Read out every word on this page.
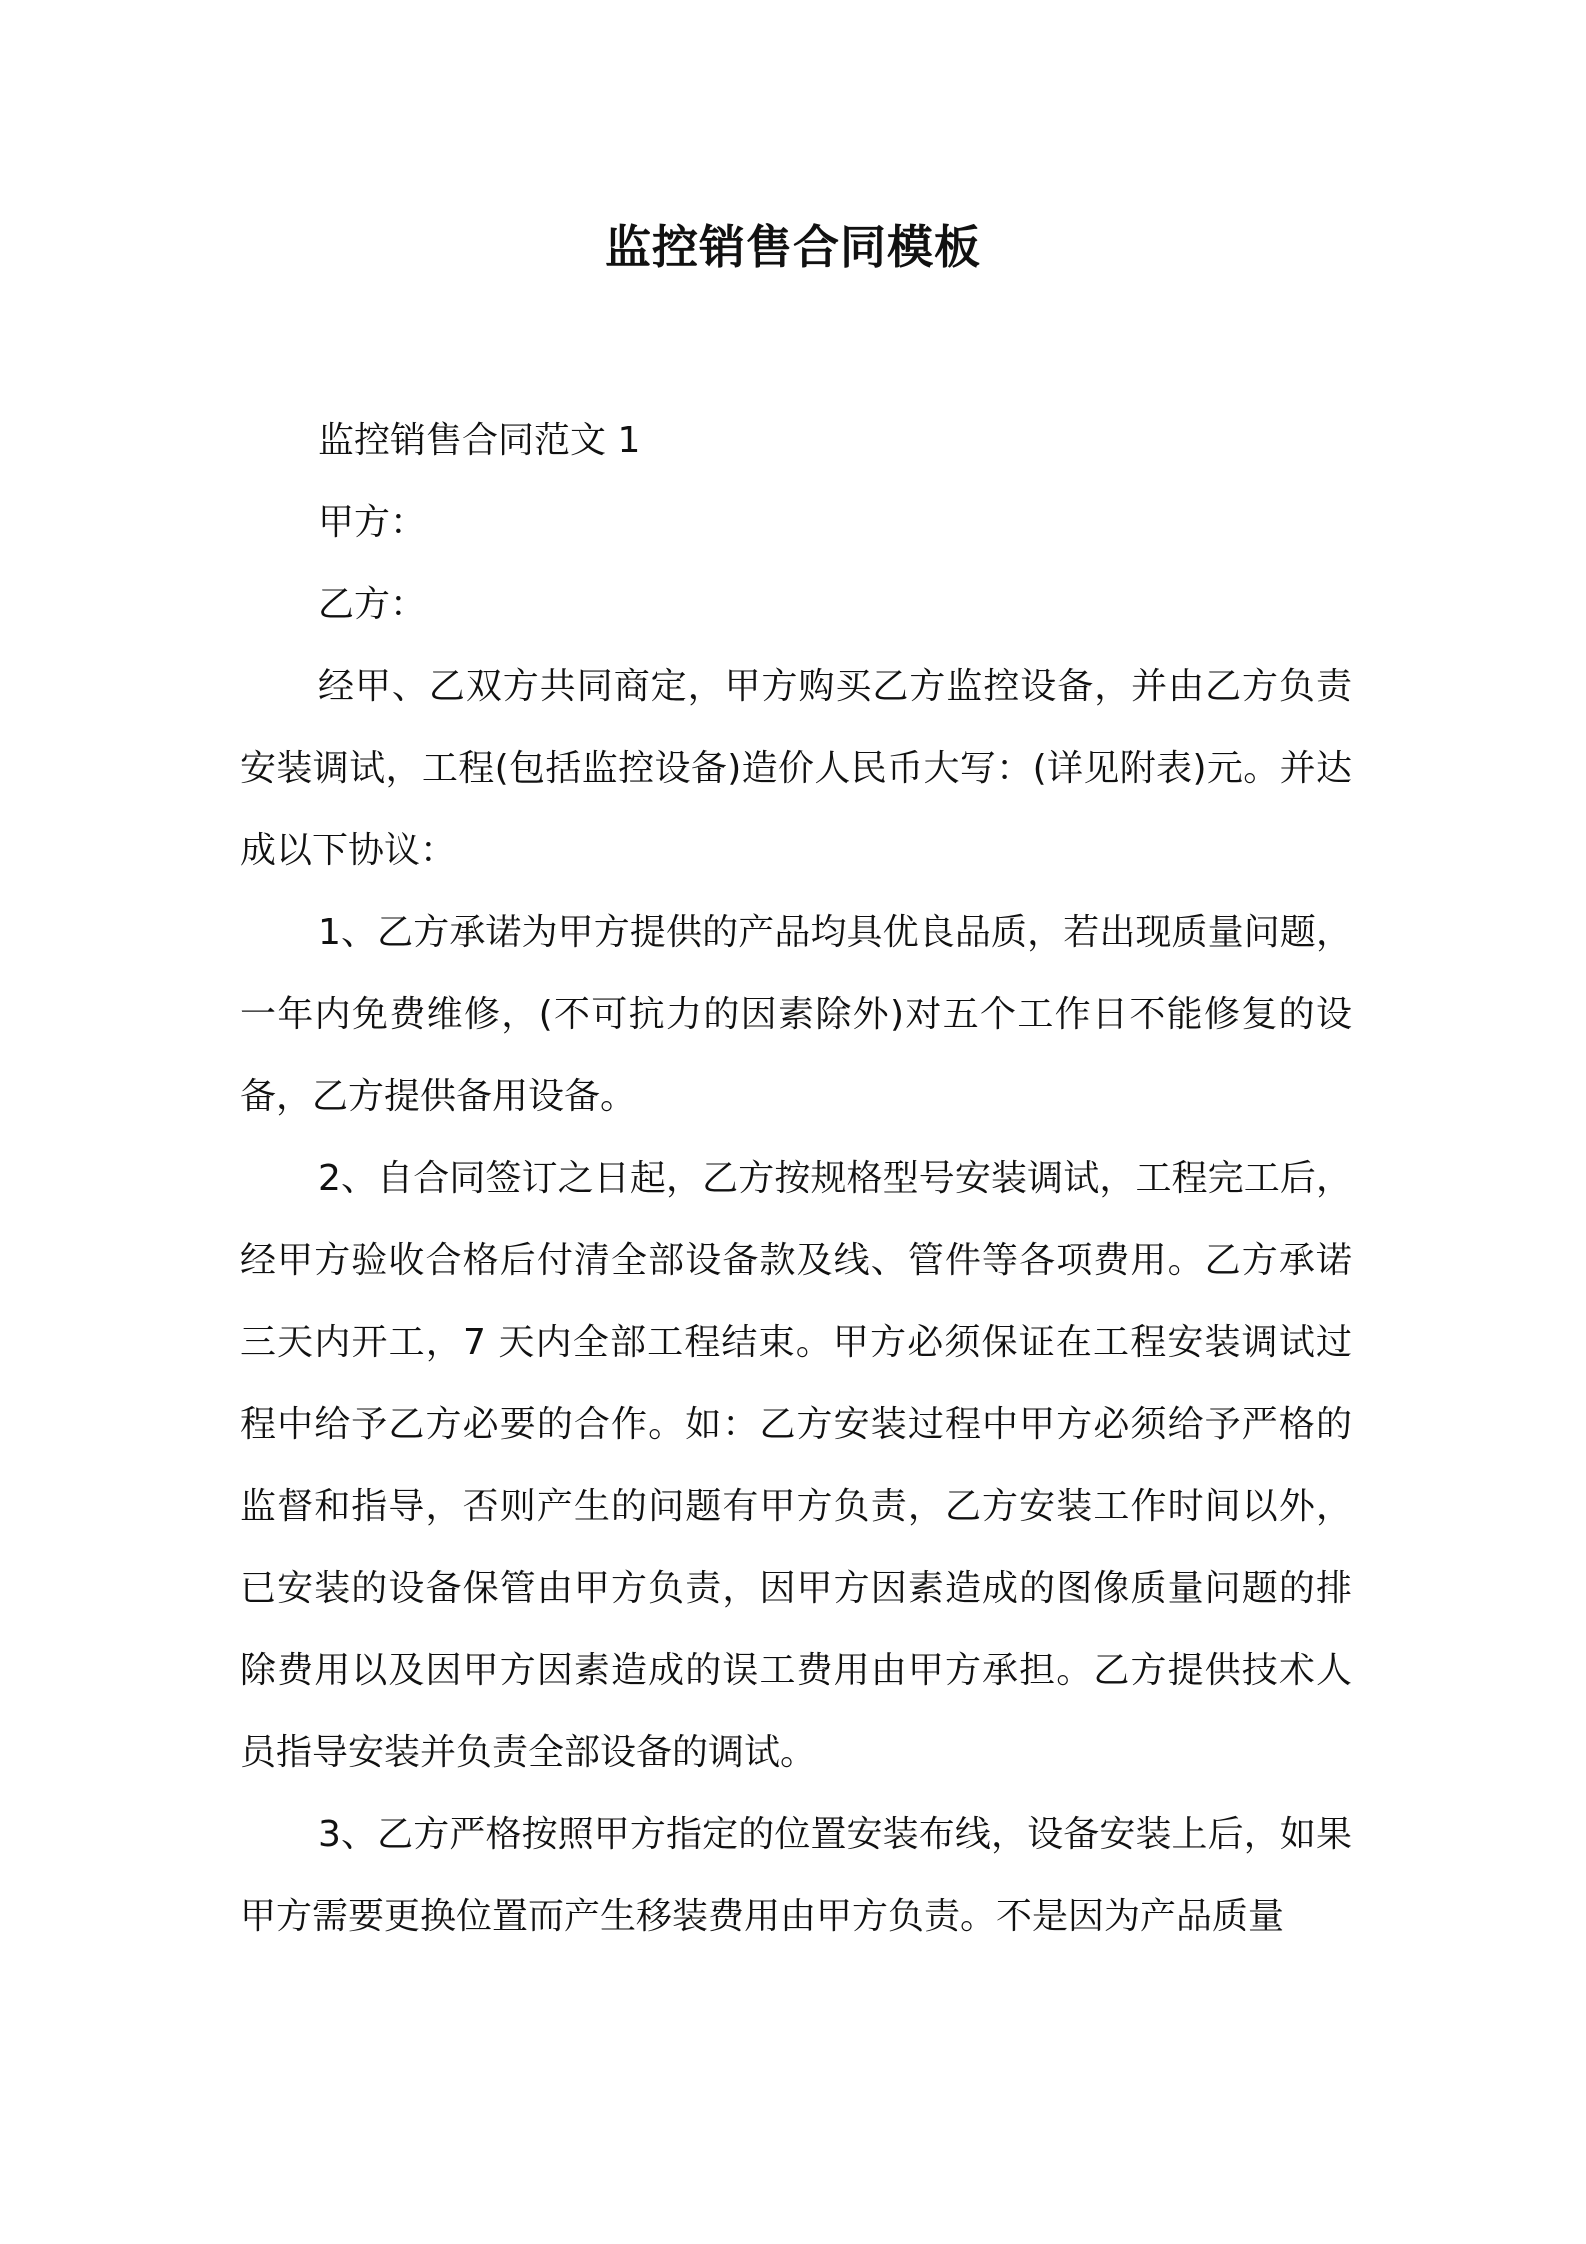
监控销售合同模板

监控销售合同范文 1

甲方：

乙方：

经甲、乙双方共同商定，甲方购买乙方监控设备，并由乙方负责安装调试，工程(包括监控设备)造价人民币大写：(详见附表)元。并达成以下协议：

1、乙方承诺为甲方提供的产品均具优良品质，若出现质量问题，一年内免费维修，(不可抗力的因素除外)对五个工作日不能修复的设备，乙方提供备用设备。

2、自合同签订之日起，乙方按规格型号安装调试，工程完工后，经甲方验收合格后付清全部设备款及线、管件等各项费用。乙方承诺三天内开工，7 天内全部工程结束。甲方必须保证在工程安装调试过程中给予乙方必要的合作。如：乙方安装过程中甲方必须给予严格的监督和指导，否则产生的问题有甲方负责，乙方安装工作时间以外，已安装的设备保管由甲方负责，因甲方因素造成的图像质量问题的排除费用以及因甲方因素造成的误工费用由甲方承担。乙方提供技术人员指导安装并负责全部设备的调试。

3、乙方严格按照甲方指定的位置安装布线，设备安装上后，如果甲方需要更换位置而产生移装费用由甲方负责。不是因为产品质量
